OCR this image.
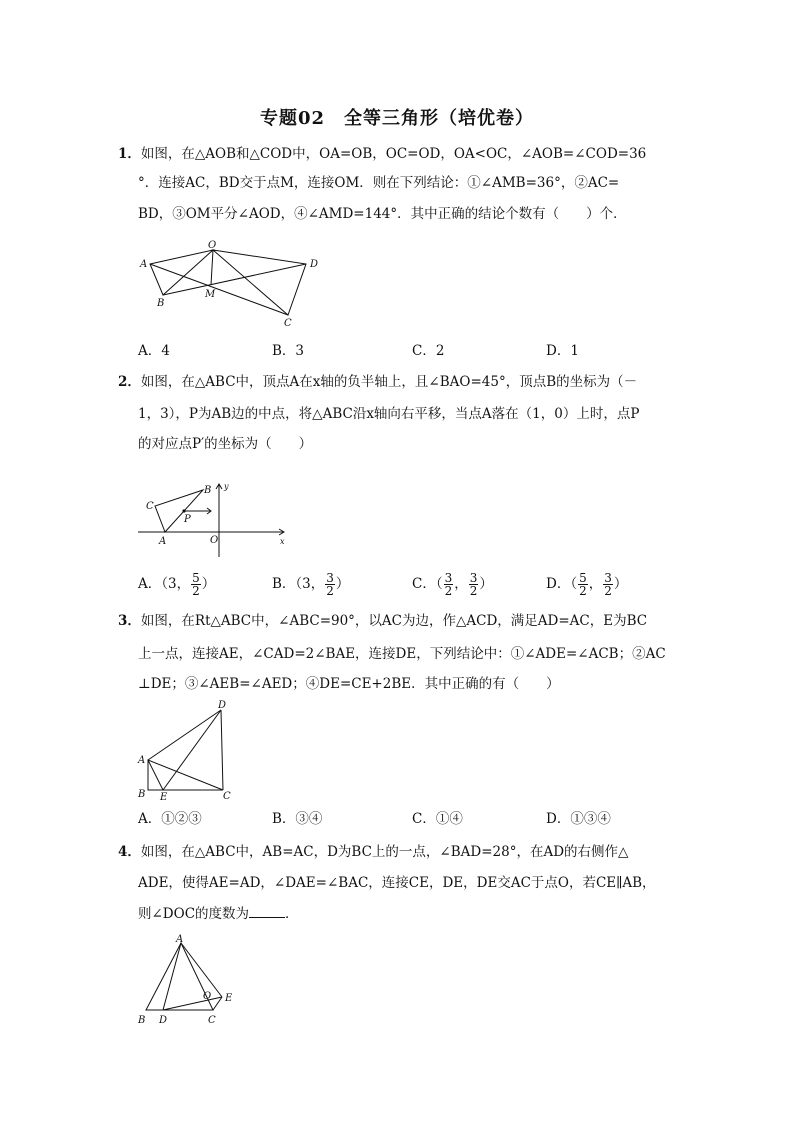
专题02　全等三角形（培优卷）
1．如图，在△AOB和△COD中，OA=OB，OC=OD，OA<OC，∠AOB=∠COD=36
°．连接AC，BD交于点M，连接OM．则在下列结论：①∠AMB=36°，②AC=
BD，③OM平分∠AOD，④∠AMD=144°．其中正确的结论个数有（　　）个．
O
A	D
B
M
C
A．4	B．3	C．2	D．1
2．如图，在△ABC中，顶点A在x轴的负半轴上，且∠BAO=45°，顶点B的坐标为（－
1，3），P为AB边的中点，将△ABC沿x轴向右平移，当点A落在（1，0）上时，点P
的对应点P′的坐标为（　　）
y
B
C
P
A	O	x
A．（3， $\frac{5}{2}$ ）	B．（3， $\frac{3}{2}$ ）	C．（ $\frac{3}{2}$ ， $\frac{3}{2}$ ）	D．（ $\frac{5}{2}$ ， $\frac{3}{2}$ ）
3．如图，在Rt△ABC中，∠ABC=90°，以AC为边，作△ACD，满足AD=AC，E为BC
上一点，连接AE，∠CAD=2∠BAE，连接DE，下列结论中：①∠ADE=∠ACB；②AC
⊥DE；③∠AEB=∠AED；④DE=CE+2BE．其中正确的有（　　）
D
A
B E	C
A．①②③	B．③④	C．①④	D．①③④
4．如图，在△ABC中，AB=AC，D为BC上的一点，∠BAD=28°，在AD的右侧作△
ADE，使得AE=AD，∠DAE=∠BAC，连接CE，DE，DE交AC于点O，若CE∥AB，
则∠DOC的度数为	．
A
O E
B D	C
